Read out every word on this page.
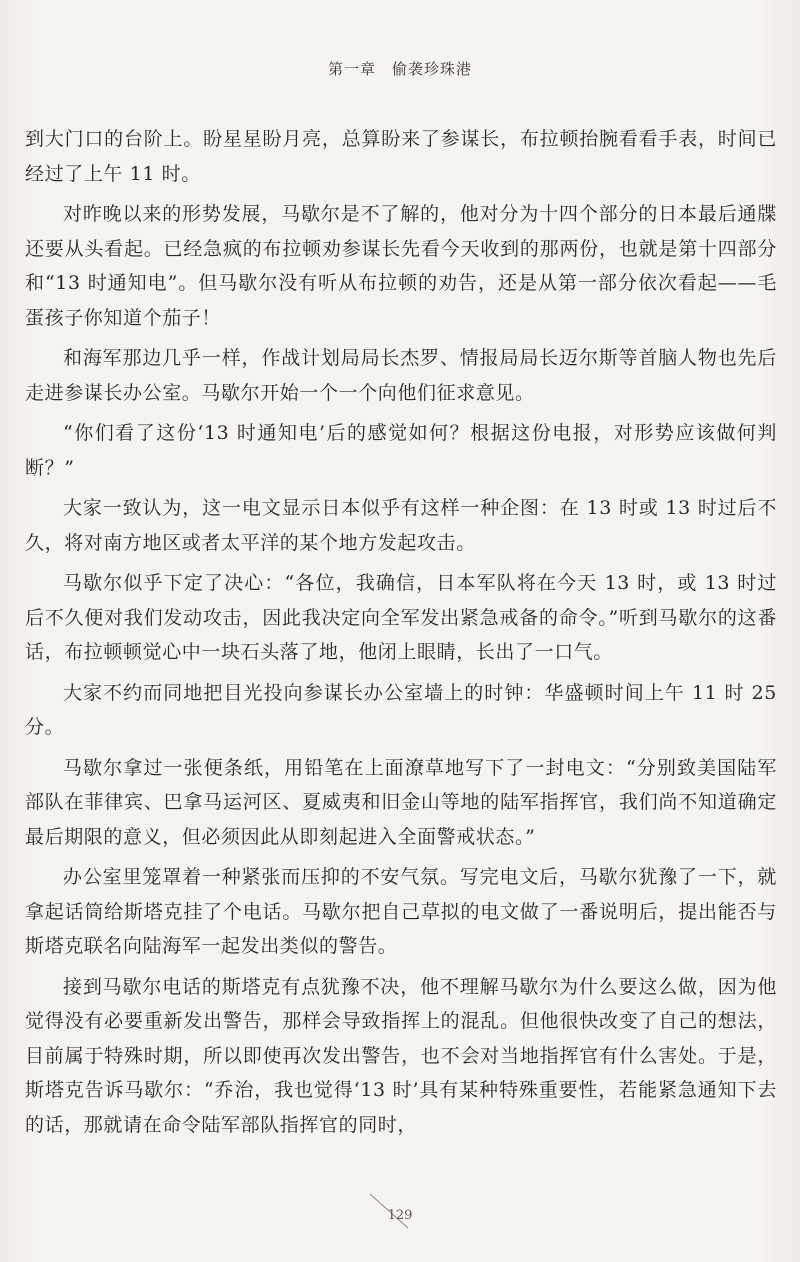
第一章 偷袭珍珠港

到大门口的台阶上。盼星星盼月亮，总算盼来了参谋长，布拉顿抬腕看看手表，时间已经过了上午 11 时。

对昨晚以来的形势发展，马歇尔是不了解的，他对分为十四个部分的日本最后通牒还要从头看起。已经急疯的布拉顿劝参谋长先看今天收到的那两份，也就是第十四部分和“13 时通知电”。但马歇尔没有听从布拉顿的劝告，还是从第一部分依次看起——毛蛋孩子你知道个茄子！

和海军那边几乎一样，作战计划局局长杰罗、情报局局长迈尔斯等首脑人物也先后走进参谋长办公室。马歇尔开始一个一个向他们征求意见。

“你们看了这份‘13 时通知电’后的感觉如何？根据这份电报，对形势应该做何判断？”

大家一致认为，这一电文显示日本似乎有这样一种企图：在 13 时或 13 时过后不久，将对南方地区或者太平洋的某个地方发起攻击。

马歇尔似乎下定了决心：“各位，我确信，日本军队将在今天 13 时，或 13 时过后不久便对我们发动攻击，因此我决定向全军发出紧急戒备的命令。”听到马歇尔的这番话，布拉顿顿觉心中一块石头落了地，他闭上眼睛，长出了一口气。

大家不约而同地把目光投向参谋长办公室墙上的时钟：华盛顿时间上午 11 时 25 分。

马歇尔拿过一张便条纸，用铅笔在上面潦草地写下了一封电文：“分别致美国陆军部队在菲律宾、巴拿马运河区、夏威夷和旧金山等地的陆军指挥官，我们尚不知道确定最后期限的意义，但必须因此从即刻起进入全面警戒状态。”

办公室里笼罩着一种紧张而压抑的不安气氛。写完电文后，马歇尔犹豫了一下，就拿起话筒给斯塔克挂了个电话。马歇尔把自己草拟的电文做了一番说明后，提出能否与斯塔克联名向陆海军一起发出类似的警告。

接到马歇尔电话的斯塔克有点犹豫不决，他不理解马歇尔为什么要这么做，因为他觉得没有必要重新发出警告，那样会导致指挥上的混乱。但他很快改变了自己的想法，目前属于特殊时期，所以即使再次发出警告，也不会对当地指挥官有什么害处。于是，斯塔克告诉马歇尔：“乔治，我也觉得‘13 时’具有某种特殊重要性，若能紧急通知下去的话，那就请在命令陆军部队指挥官的同时，

129
